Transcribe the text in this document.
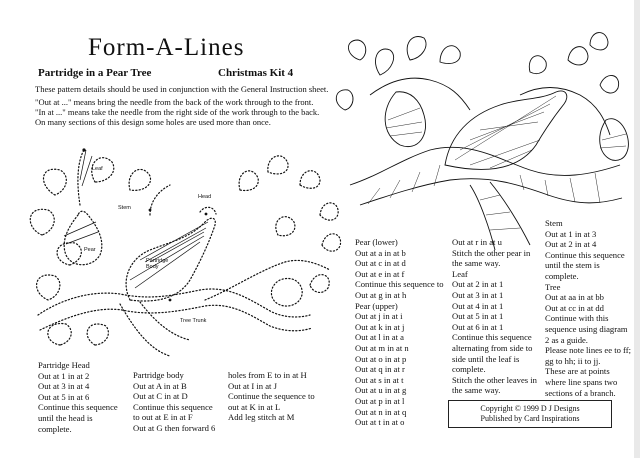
Form-A-Lines
Partridge in a Pear Tree	Christmas Kit 4

These pattern details should be used in conjunction with the General Instruction sheet.

"Out at ..." means bring the needle from the back of the work through to the front.
"In at ..." means take the needle from the right side of the work through to the back.
On many sections of this design some holes are used more than once.
Leaf
Stem
Head
Pear
Partridge Body
Tree Trunk
Partridge Head
Out at 1 in at 2
Out at 3 in at 4
Out at 5 in at 6
Continue this sequence
until the head is
complete.
Partridge body
Out at A in at B
Out at C in at D
Continue this sequence
to out at E in at F
Out at G then forward 6
holes from E to in at H
Out at I in at J
Continue the sequence to
out at K in at L
Add leg stitch at M
Pear (lower)
Out at a in at b
Out at c in at d
Out at e in at f
Continue this sequence to
Out at g in at h
Pear (upper)
Out at j in at i
Out at k in at j
Out at l in at a
Out at m in at n
Out at o in at p
Out at q in at r
Out at s in at t
Out at u in at g
Out at p in at l
Out at n in at q
Out at t in at o
Out at r in at u
Stitch the other pear in
the same way.
Leaf
Out at 2 in at 1
Out at 3 in at 1
Out at 4 in at 1
Out at 5 in at 1
Out at 6 in at 1
Continue this sequence
alternating from side to
side until the leaf is
complete.
Stitch the other leaves in
the same way.
Stem
Out at 1 in at 3
Out at 2 in at 4
Continue this sequence
until the stem is
complete.
Tree
Out at aa in at bb
Out at cc in at dd
Continue with this
sequence using diagram
2 as a guide.
Please note lines ee to ff;
gg to hh; ii to jj.
These are at points
where line spans two
sections of a branch.
Copyright © 1999 D J Designs
Published by Card Inspirations
